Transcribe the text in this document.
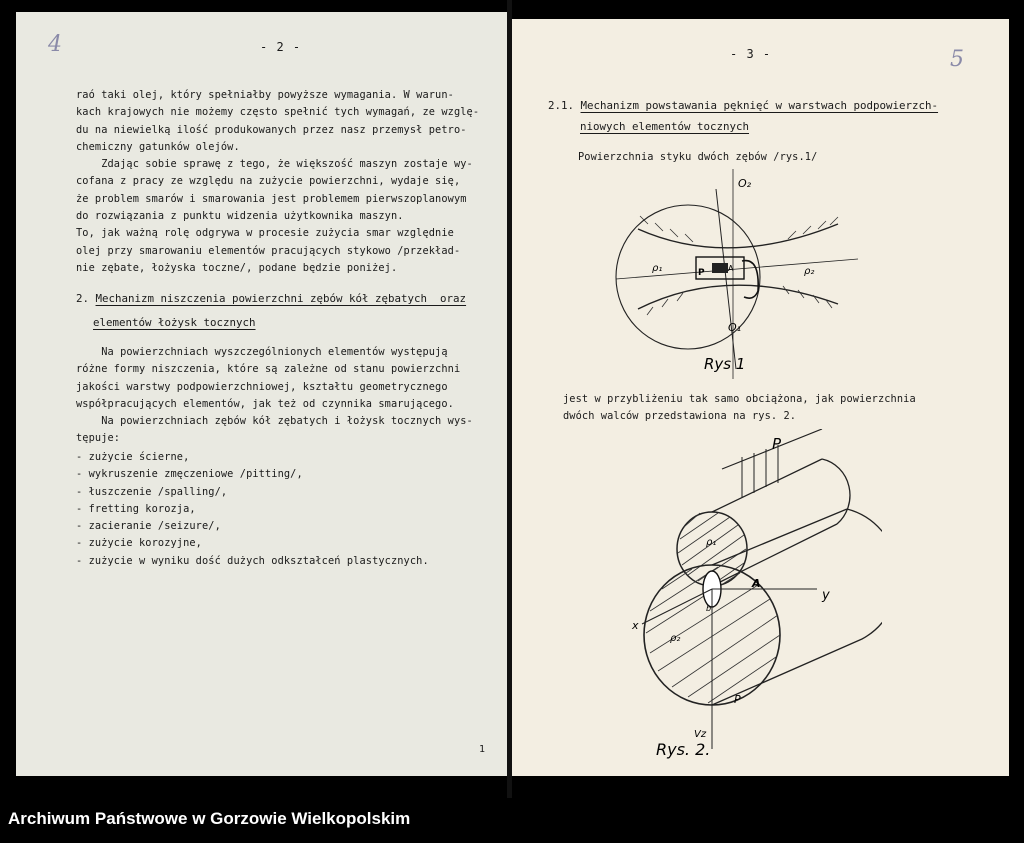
4	- 2 -
raó taki olej, który spełniałby powyższe wymagania. W warun-
kach krajowych nie możemy często spełnić tych wymagań, ze wzglę-
du na niewielką ilość produkowanych przez nasz przemysł petro-
chemiczny gatunków olejów.
Zdając sobie sprawę z tego, że większość maszyn zostaje wy-
cofana z pracy ze względu na zużycie powierzchni, wydaje się,
że problem smarów i smarowania jest problemem pierwszoplanowym
do rozwiązania z punktu widzenia użytkownika maszyn.
To, jak ważną rolę odgrywa w procesie zużycia smar względnie
olej przy smarowaniu elementów pracujących stykowo /przekład-
nie zębate, łożyska toczne/, podane będzie poniżej.
2. Mechanizm niszczenia powierzchni zębów kół zębatych  oraz
elementów łożysk tocznych
Na powierzchniach wyszczególnionych elementów występują
różne formy niszczenia, które są zależne od stanu powierzchni
jakości warstwy podpowierzchniowej, kształtu geometrycznego
współpracujących elementów, jak też od czynnika smarującego.
Na powierzchniach zębów kół zębatych i łożysk tocznych wys-
tępuje:
- zużycie ścierne,
- wykruszenie zmęczeniowe /pitting/,
- łuszczenie /spalling/,
- fretting korozja,
- zacieranie /seizure/,
- zużycie korozyjne,
- zużycie w wyniku dość dużych odkształceń plastycznych.
1
5
- 3 -
2.1. Mechanizm powstawania pęknięć w warstwach podpowierzch-
niowych elementów tocznych
Powierzchnia styku dwóch zębów /rys.1/
O₂
O₁
ρ₁	ρ₂
P	A
Rys 1
jest w przybliżeniu tak samo obciążona, jak powierzchnia
dwóch walców przedstawiona na rys. 2.
P
y
x
Vz
ρ₁
ρ₂
A
b
P
Rys. 2.
Archiwum Państwowe w Gorzowie Wielkopolskim
